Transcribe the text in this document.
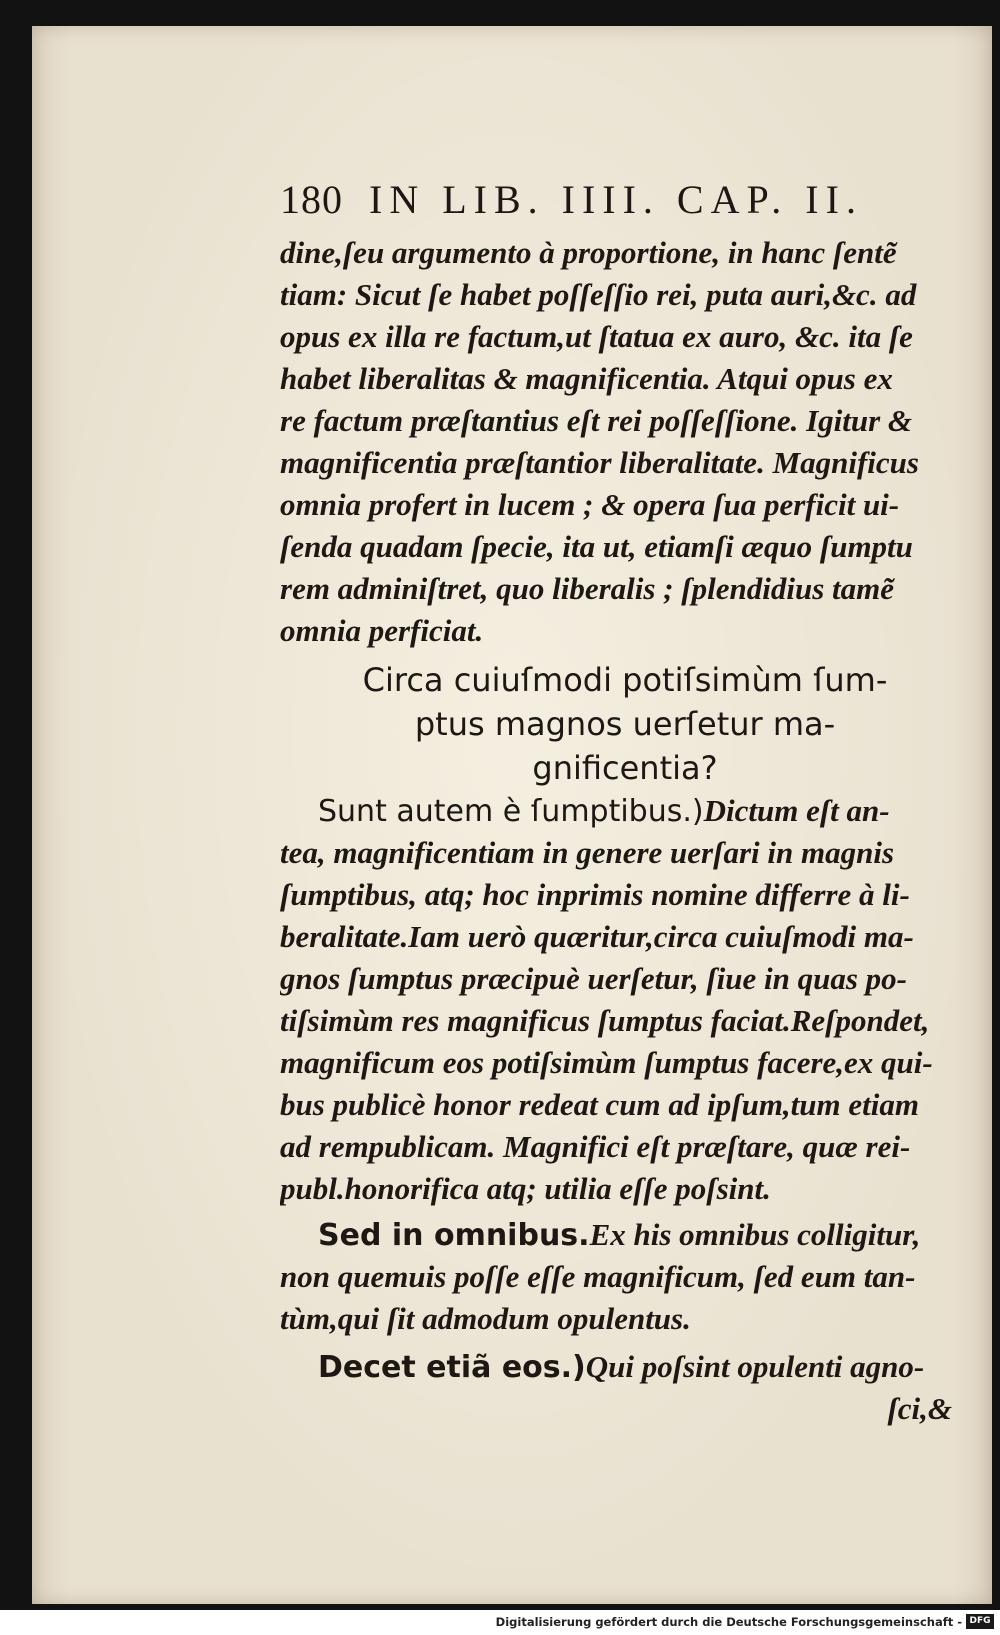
180 IN LIB. IIII. CAP. II.
dine,ſeu argumento à proportione, in hanc ſentẽ
tiam: Sicut ſe habet poſſeſſio rei, puta auri,&c. ad
opus ex illa re factum,ut ſtatua ex auro, &c. ita ſe
habet liberalitas & magnificentia. Atqui opus ex
re factum præſtantius eſt rei poſſeſſione. Igitur &
magnificentia præſtantior liberalitate. Magnificus
omnia profert in lucem ; & opera ſua perficit ui-
ſenda quadam ſpecie, ita ut, etiamſi æquo ſumptu
rem adminiſtret, quo liberalis ; ſplendidius tamẽ
omnia perficiat.
Circa cuiuſmodi potiſsimùm ſum-
ptus magnos uerſetur ma-
gnificentia?
Sunt autem è ſumptibus.)Dictum eſt an-
tea, magnificentiam in genere uerſari in magnis
ſumptibus, atq; hoc inprimis nomine differre à li-
beralitate.Iam uerò quæritur,circa cuiuſmodi ma-
gnos ſumptus præcipuè uerſetur, ſiue in quas po-
tiſsimùm res magnificus ſumptus faciat.Reſpondet,
magnificum eos potiſsimùm ſumptus facere,ex qui-
bus publicè honor redeat cum ad ipſum,tum etiam
ad rempublicam. Magnifici eſt præſtare, quæ rei-
publ.honorifica atq; utilia eſſe poſsint.
Sed in omnibus.Ex his omnibus colligitur,
non quemuis poſſe eſſe magnificum, ſed eum tan-
tùm,qui ſit admodum opulentus.
Decet etiã eos.)Qui poſsint opulenti agno-
ſci,&
Digitalisierung gefördert durch die Deutsche Forschungsgemeinschaft - DFG
